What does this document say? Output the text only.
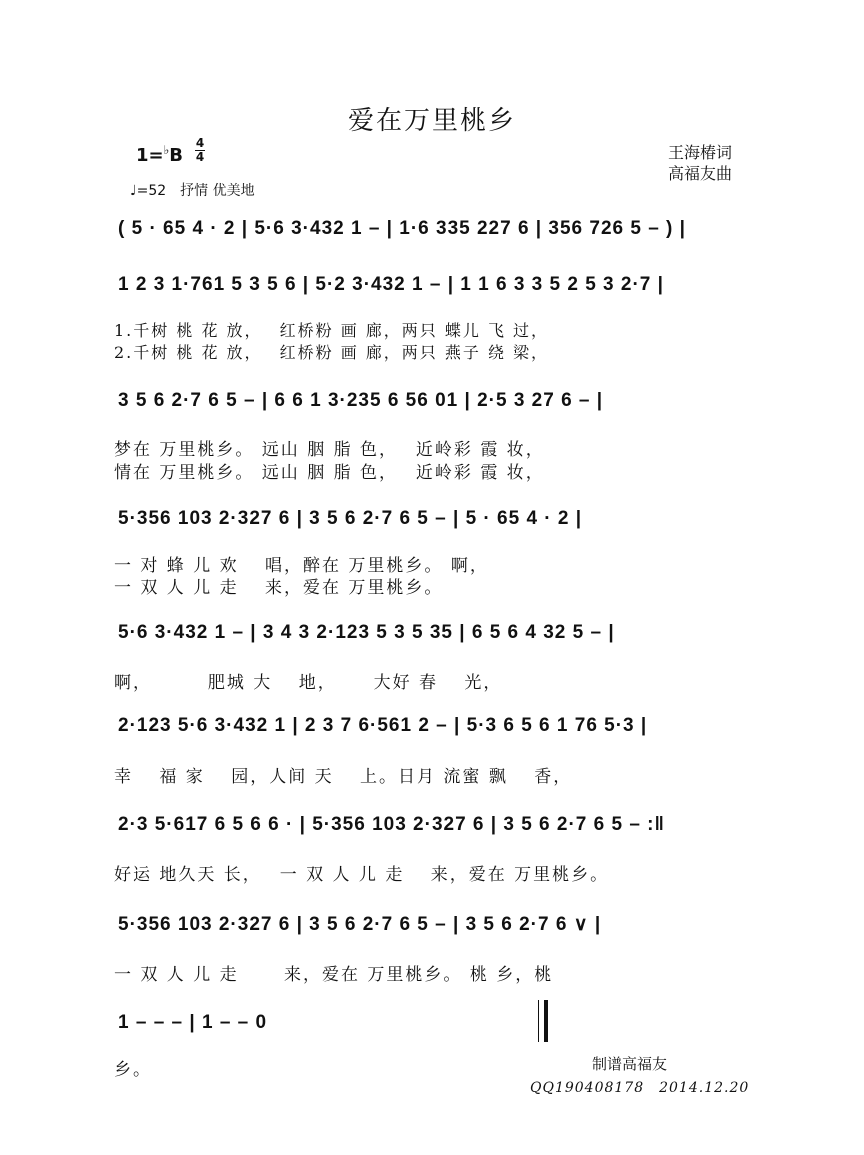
爱在万里桃乡
1=♭B
4
4	王海椿词
高福友曲
♩=52　抒情 优美地
( 5 · 65 4 · 2 | 5·6 3·432 1 – | 1·6 335 227 6 | 356 726 5 – ) |
1 2 3 1·761 5 3 5 6 | 5·2 3·432 1 – | 1 1 6 3 3 5 2 5 3 2·7 |
1.千树 桃 花 放，　 红桥粉 画 廊，两只 蝶儿 飞 过，
2.千树 桃 花 放，　 红桥粉 画 廊，两只 燕子 绕 梁，
3 5 6 2·7 6 5 – | 6 6 1 3·235 6 56 01 | 2·5 3 27 6 – |
梦在 万里桃乡。 远山 胭 脂 色，　 近岭彩 霞 妆，
情在 万里桃乡。 远山 胭 脂 色，　 近岭彩 霞 妆，
5·356 103 2·327 6 | 3 5 6 2·7 6 5 – | 5 · 65 4 · 2 |
一 对 蜂 儿 欢　 唱，醉在 万里桃乡。 啊，
一 双 人 儿 走　 来，爱在 万里桃乡。
5·6 3·432 1 – | 3 4 3 2·123 5 3 5 35 | 6 5 6 4 32 5 – |
啊，　　　 肥城 大　 地，　　 大好 春　 光，
2·123 5·6 3·432 1 | 2 3 7 6·561 2 – | 5·3 6 5 6 1 76 5·3 |
幸　 福 家　 园，人间 天　 上。日月 流蜜 飘　 香，
2·3 5·617 6 5 6 6 · | 5·356 103 2·327 6 | 3 5 6 2·7 6 5 – :‖
好运 地久天 长，　 一 双 人 儿 走　 来，爱在 万里桃乡。
5·356 103 2·327 6 | 3 5 6 2·7 6 5 – | 3 5 6 2·7 6 ∨ |
一 双 人 儿 走　　 来，爱在 万里桃乡。 桃 乡，桃
1 – – – | 1 – – 0
乡。	制谱高福友
QQ190408178　2014.12.20
